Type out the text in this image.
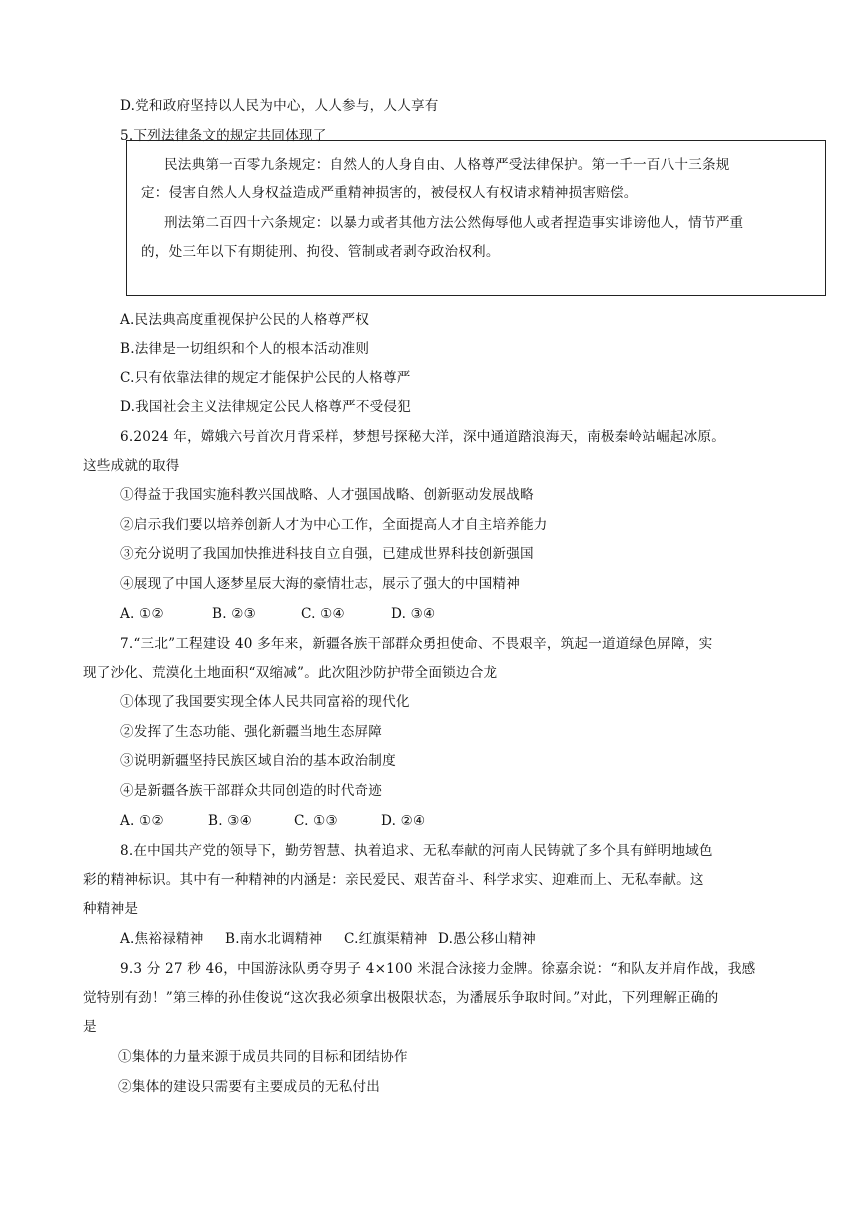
D.党和政府坚持以人民为中心，人人参与，人人享有
5.下列法律条文的规定共同体现了
民法典第一百零九条规定：自然人的人身自由、人格尊严受法律保护。第一千一百八十三条规
定：侵害自然人人身权益造成严重精神损害的，被侵权人有权请求精神损害赔偿。
刑法第二百四十六条规定：以暴力或者其他方法公然侮辱他人或者捏造事实诽谤他人，情节严重
的，处三年以下有期徒刑、拘役、管制或者剥夺政治权利。
A.民法典高度重视保护公民的人格尊严权
B.法律是一切组织和个人的根本活动准则
C.只有依靠法律的规定才能保护公民的人格尊严
D.我国社会主义法律规定公民人格尊严不受侵犯
6.2024 年，嫦娥六号首次月背采样，梦想号探秘大洋，深中通道踏浪海天，南极秦岭站崛起冰原。
这些成就的取得
①得益于我国实施科教兴国战略、人才强国战略、创新驱动发展战略
②启示我们要以培养创新人才为中心工作，全面提高人才自主培养能力
③充分说明了我国加快推进科技自立自强，已建成世界科技创新强国
④展现了中国人逐梦星辰大海的豪情壮志，展示了强大的中国精神
A. ①②	B. ②③	C. ①④	D. ③④
7.“三北”工程建设 40 多年来，新疆各族干部群众勇担使命、不畏艰辛，筑起一道道绿色屏障，实
现了沙化、荒漠化土地面积“双缩减”。此次阻沙防护带全面锁边合龙
①体现了我国要实现全体人民共同富裕的现代化
②发挥了生态功能、强化新疆当地生态屏障
③说明新疆坚持民族区域自治的基本政治制度
④是新疆各族干部群众共同创造的时代奇迹
A. ①②	B. ③④	C. ①③	D. ②④
8.在中国共产党的领导下，勤劳智慧、执着追求、无私奉献的河南人民铸就了多个具有鲜明地域色
彩的精神标识。其中有一种精神的内涵是：亲民爱民、艰苦奋斗、科学求实、迎难而上、无私奉献。这
种精神是
A.焦裕禄精神 B.南水北调精神 C.红旗渠精神 D.愚公移山精神
9.3 分 27 秒 46，中国游泳队勇夺男子 4×100 米混合泳接力金牌。徐嘉余说：“和队友并肩作战，我感
觉特别有劲！”第三棒的孙佳俊说“这次我必须拿出极限状态，为潘展乐争取时间。”对此，下列理解正确的
是
①集体的力量来源于成员共同的目标和团结协作
②集体的建设只需要有主要成员的无私付出
